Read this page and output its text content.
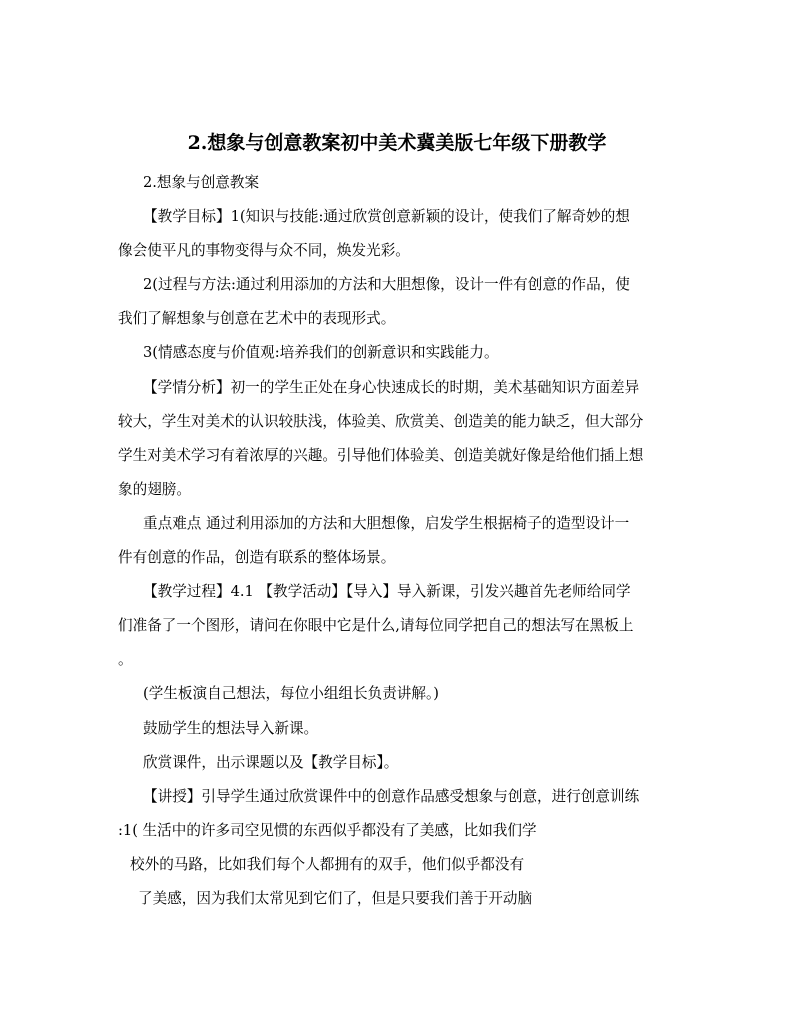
2.想象与创意教案初中美术冀美版七年级下册教学

2.想象与创意教案

【教学目标】1(知识与技能:通过欣赏创意新颖的设计，使我们了解奇妙的想

像会使平凡的事物变得与众不同，焕发光彩。

2(过程与方法:通过利用添加的方法和大胆想像，设计一件有创意的作品，使

我们了解想象与创意在艺术中的表现形式。

3(情感态度与价值观:培养我们的创新意识和实践能力。

【学情分析】初一的学生正处在身心快速成长的时期，美术基础知识方面差异

较大，学生对美术的认识较肤浅，体验美、欣赏美、创造美的能力缺乏，但大部分

学生对美术学习有着浓厚的兴趣。引导他们体验美、创造美就好像是给他们插上想

象的翅膀。

重点难点 通过利用添加的方法和大胆想像，启发学生根据椅子的造型设计一

件有创意的作品，创造有联系的整体场景。

【教学过程】4.1 【教学活动】【导入】导入新课，引发兴趣首先老师给同学

们准备了一个图形，请问在你眼中它是什么,请每位同学把自己的想法写在黑板上

。

(学生板演自己想法，每位小组组长负责讲解。)

鼓励学生的想法导入新课。

欣赏课件，出示课题以及【教学目标】。

【讲授】引导学生通过欣赏课件中的创意作品感受想象与创意，进行创意训练

:1( 生活中的许多司空见惯的东西似乎都没有了美感，比如我们学

校外的马路，比如我们每个人都拥有的双手，他们似乎都没有

了美感，因为我们太常见到它们了，但是只要我们善于开动脑
